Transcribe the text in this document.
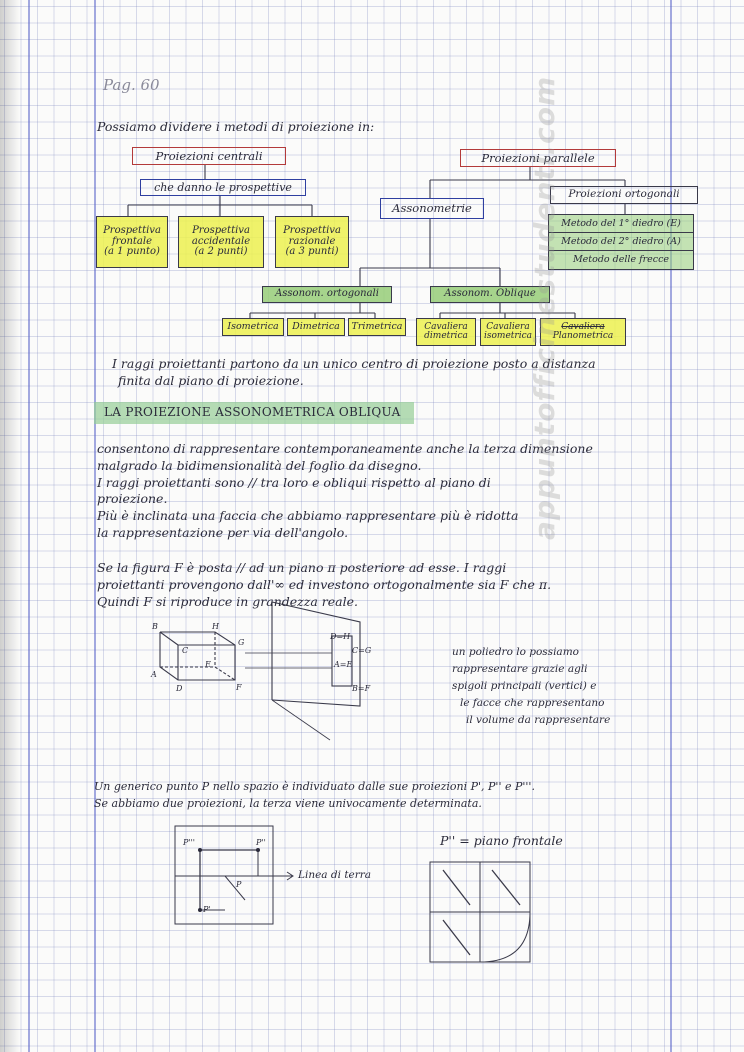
Pag. 60
Possiamo dividere i metodi di proiezione in:
Proiezioni centrali	Proiezioni parallele
che danno le prospettive
Prospettiva
frontale
(a 1 punto)
Prospettiva
accidentale
(a 2 punti)
Prospettiva
razionale
(a 3 punti)
Assonometrie
Proiezioni ortogonali
Metodo del 1° diedro (E)
Metodo del 2° diedro (A)
Metodo delle frecce
Assonom. ortogonali	Assonom. Oblique
Isometrica	Dimetrica	Trimetrica	Cavaliera
dimetrica
Cavaliera
isometrica
Cavaliera
Planometrica
I raggi proiettanti partono da un unico centro di proiezione posto a distanza
finita dal piano di proiezione.
LA PROIEZIONE ASSONOMETRICA OBLIQUA
consentono di rappresentare contemporaneamente anche la terza dimensione
malgrado la bidimensionalità del foglio da disegno.
I raggi proiettanti sono // tra loro e obliqui rispetto al piano di
proiezione.
Più è inclinata una faccia che abbiamo rappresentare più è ridotta
la rappresentazione per via dell'angolo.
Se la figura F è posta // ad un piano π posteriore ad esse. I raggi
proiettanti provengono dall'∞ ed investono ortogonalmente sia F che π.
Quindi F si riproduce in grandezza reale.
B	H
C
G
A
E
F
D
D=H
C=G
A=E
B=F
un poliedro lo possiamo
rappresentare grazie agli
spigoli principali (vertici) e
le facce che rappresentano
il volume da rappresentare
Un generico punto P nello spazio è individuato dalle sue proiezioni P', P'' e P'''.
Se abbiamo due proiezioni, la terza viene univocamente determinata.
P'''	P''
P'
P
Linea di terra
P'' = piano frontale
appuntofficinestudenti.com
